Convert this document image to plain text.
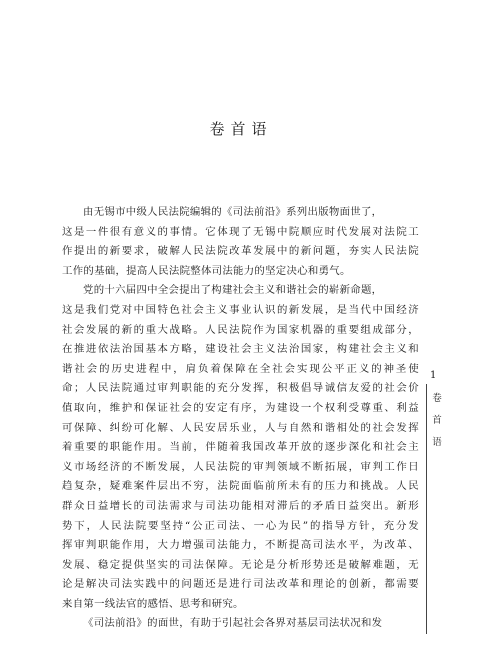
卷首语
由无锡市中级人民法院编辑的《司法前沿》系列出版物面世了，
这是一件很有意义的事情。它体现了无锡中院顺应时代发展对法院工
作提出的新要求，破解人民法院改革发展中的新问题，夯实人民法院
工作的基础，提高人民法院整体司法能力的坚定决心和勇气。
党的十六届四中全会提出了构建社会主义和谐社会的崭新命题，
这是我们党对中国特色社会主义事业认识的新发展，是当代中国经济
社会发展的新的重大战略。人民法院作为国家机器的重要组成部分，
在推进依法治国基本方略，建设社会主义法治国家，构建社会主义和
谐社会的历史进程中，肩负着保障在全社会实现公平正义的神圣使
命；人民法院通过审判职能的充分发挥，积极倡导诚信友爱的社会价
值取向，维护和保证社会的安定有序，为建设一个权利受尊重、利益
可保障、纠纷可化解、人民安居乐业，人与自然和谐相处的社会发挥
着重要的职能作用。当前，伴随着我国改革开放的逐步深化和社会主
义市场经济的不断发展，人民法院的审判领域不断拓展，审判工作日
趋复杂，疑难案件层出不穷，法院面临前所未有的压力和挑战。人民
群众日益增长的司法需求与司法功能相对滞后的矛盾日益突出。新形
势下，人民法院要坚持“公正司法、一心为民”的指导方针，充分发
挥审判职能作用，大力增强司法能力，不断提高司法水平，为改革、
发展、稳定提供坚实的司法保障。无论是分析形势还是破解难题，无
论是解决司法实践中的问题还是进行司法改革和理论的创新，都需要
来自第一线法官的感悟、思考和研究。
《司法前沿》的面世，有助于引起社会各界对基层司法状况和发
1
卷
首
语
